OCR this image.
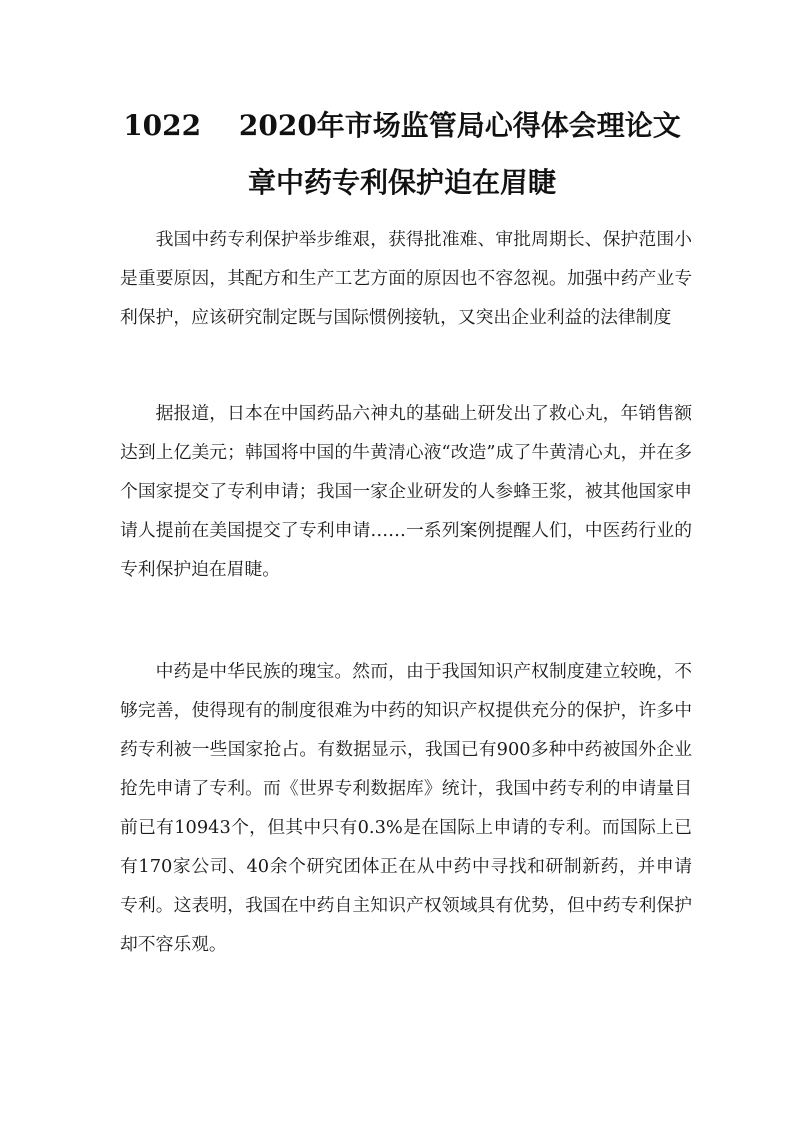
1022　 2020年市场监管局心得体会理论文
章中药专利保护迫在眉睫

我国中药专利保护举步维艰，获得批准难、审批周期长、保护范围小是重要原因，其配方和生产工艺方面的原因也不容忽视。加强中药产业专利保护，应该研究制定既与国际惯例接轨，又突出企业利益的法律制度

据报道，日本在中国药品六神丸的基础上研发出了救心丸，年销售额达到上亿美元；韩国将中国的牛黄清心液“改造”成了牛黄清心丸，并在多个国家提交了专利申请；我国一家企业研发的人参蜂王浆，被其他国家申请人提前在美国提交了专利申请……一系列案例提醒人们，中医药行业的专利保护迫在眉睫。

中药是中华民族的瑰宝。然而，由于我国知识产权制度建立较晚，不够完善，使得现有的制度很难为中药的知识产权提供充分的保护，许多中药专利被一些国家抢占。有数据显示，我国已有900多种中药被国外企业抢先申请了专利。而《世界专利数据库》统计，我国中药专利的申请量目前已有10943个，但其中只有0.3%是在国际上申请的专利。而国际上已有170家公司、40余个研究团体正在从中药中寻找和研制新药，并申请专利。这表明，我国在中药自主知识产权领域具有优势，但中药专利保护却不容乐观。
